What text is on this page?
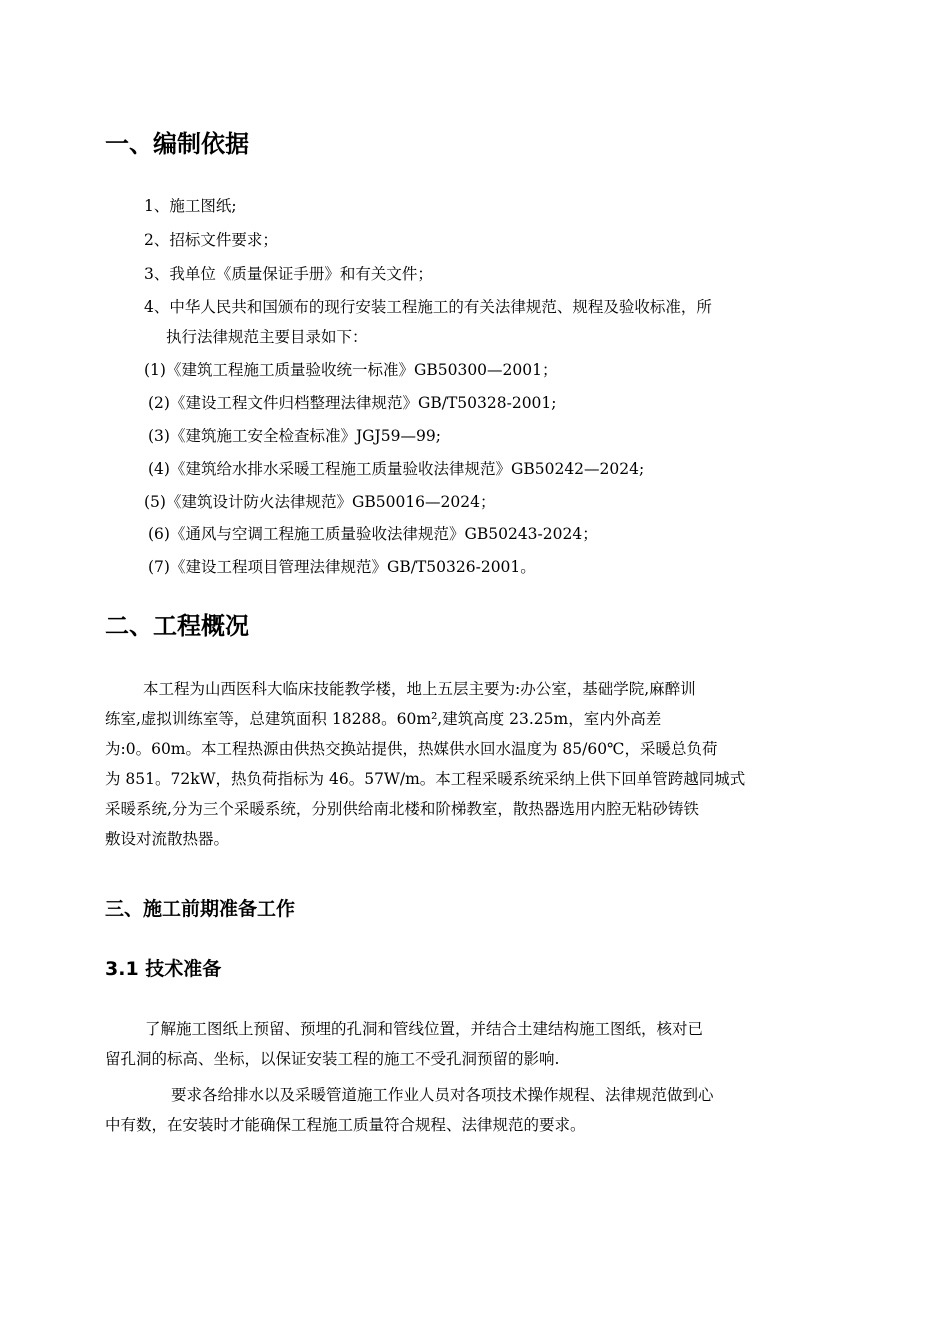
一、编制依据
1、施工图纸;
2、招标文件要求；
3、我单位《质量保证手册》和有关文件；
4、中华人民共和国颁布的现行安装工程施工的有关法律规范、规程及验收标准，所
执行法律规范主要目录如下：
(1)《建筑工程施工质量验收统一标准》GB50300—2001；
(2)《建设工程文件归档整理法律规范》GB/T50328-2001;
(3)《建筑施工安全检查标准》JGJ59—99;
(4)《建筑给水排水采暖工程施工质量验收法律规范》GB50242—2024;
(5)《建筑设计防火法律规范》GB50016—2024；
(6)《通风与空调工程施工质量验收法律规范》GB50243-2024；
(7)《建设工程项目管理法律规范》GB/T50326-2001。
二、工程概况
本工程为山西医科大临床技能教学楼，地上五层主要为:办公室，基础学院,麻醉训
练室,虚拟训练室等，总建筑面积 18288。60m²,建筑高度 23.25m，室内外高差
为:0。60m。本工程热源由供热交换站提供，热媒供水回水温度为 85/60℃，采暖总负荷
为 851。72kW，热负荷指标为 46。57W/m。本工程采暖系统采纳上供下回单管跨越同城式
采暖系统,分为三个采暖系统，分别供给南北楼和阶梯教室，散热器选用内腔无粘砂铸铁
敷设对流散热器。
三、施工前期准备工作
3.1 技术准备
了解施工图纸上预留、预埋的孔洞和管线位置，并结合土建结构施工图纸，核对已
留孔洞的标高、坐标，以保证安装工程的施工不受孔洞预留的影响.
要求各给排水以及采暖管道施工作业人员对各项技术操作规程、法律规范做到心
中有数，在安装时才能确保工程施工质量符合规程、法律规范的要求。
